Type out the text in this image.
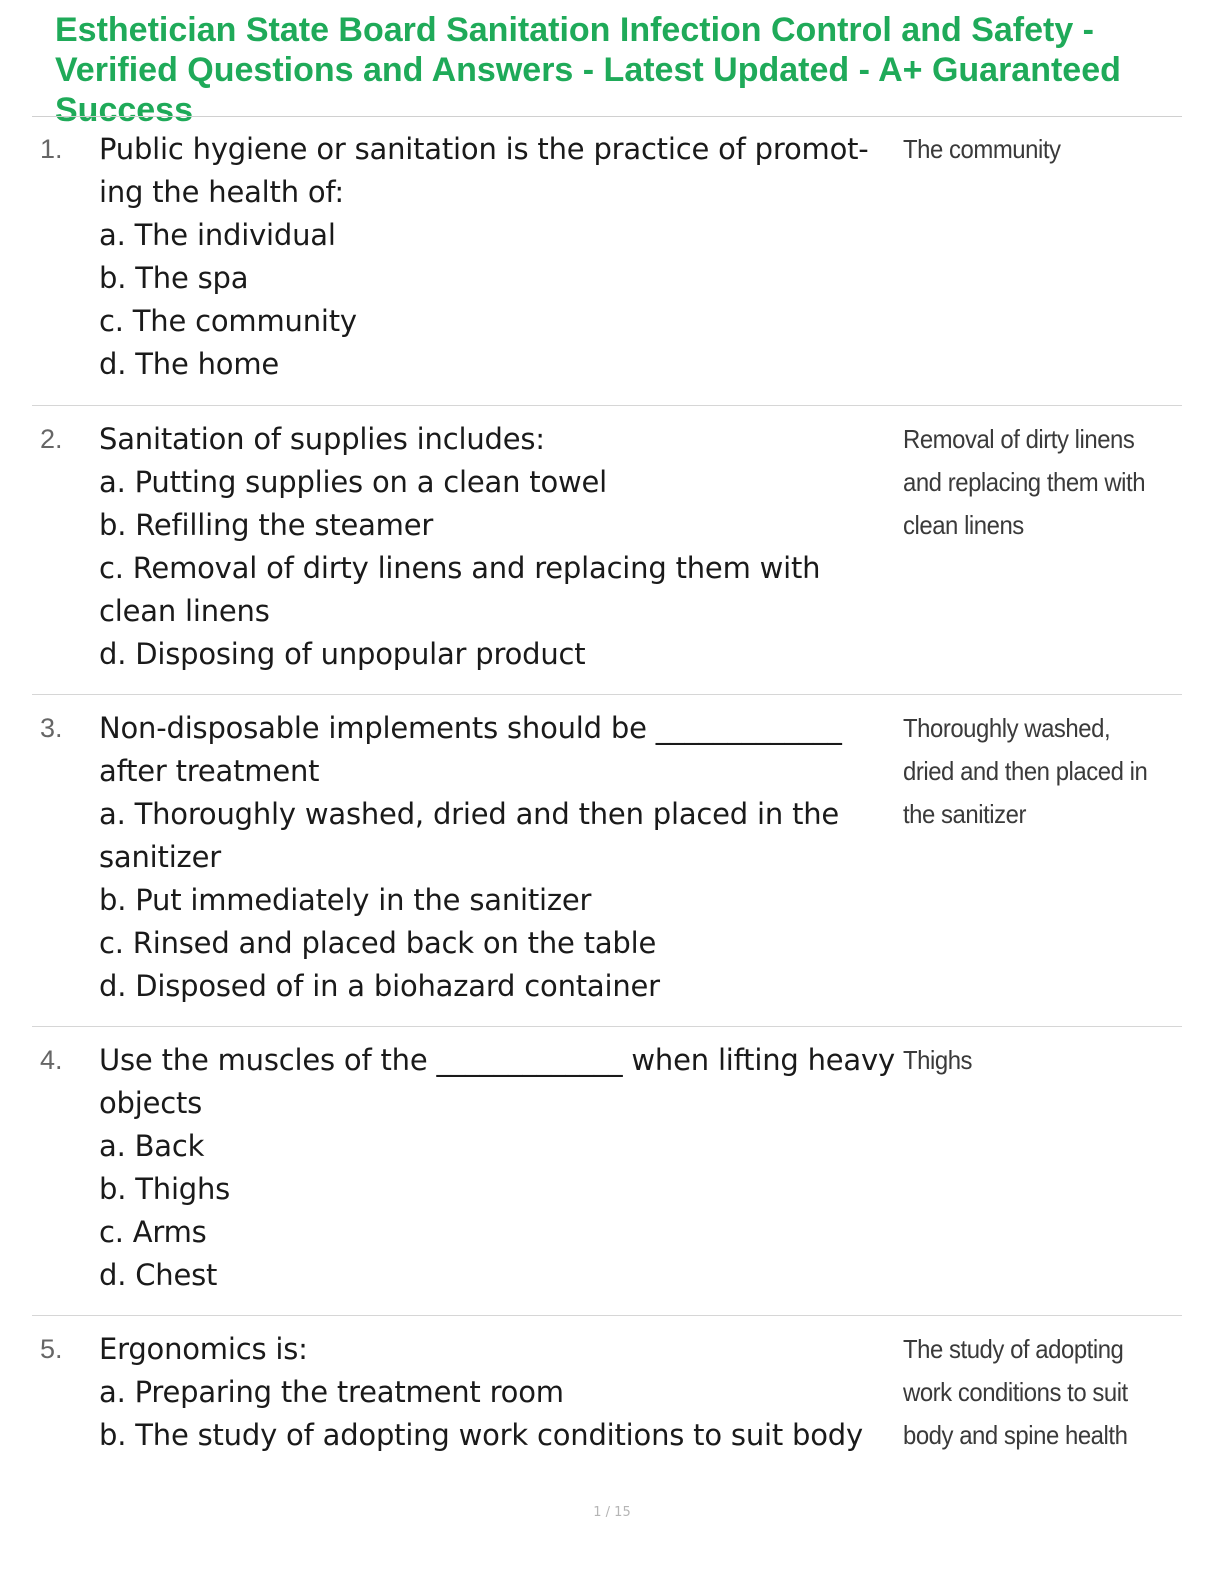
Esthetician State Board Sanitation Infection Control and Safety - Verified Questions and Answers - Latest Updated - A+ Guaranteed Success
1. Public hygiene or sanitation is the practice of promot-ing the health of:
a. The individual
b. The spa
c. The community
d. The home
The community
2. Sanitation of supplies includes:
a. Putting supplies on a clean towel
b. Refilling the steamer
c. Removal of dirty linens and replacing them with clean linens
d. Disposing of unpopular product
Removal of dirty linens and replacing them with clean linens
3. Non-disposable implements should be _____________ after treatment
a. Thoroughly washed, dried and then placed in the sanitizer
b. Put immediately in the sanitizer
c. Rinsed and placed back on the table
d. Disposed of in a biohazard container
Thoroughly washed, dried and then placed in the sanitizer
4. Use the muscles of the _____________ when lifting heavy objects
a. Back
b. Thighs
c. Arms
d. Chest
Thighs
5. Ergonomics is:
a. Preparing the treatment room
b. The study of adopting work conditions to suit body
The study of adopting work conditions to suit body and spine health
1 / 15
